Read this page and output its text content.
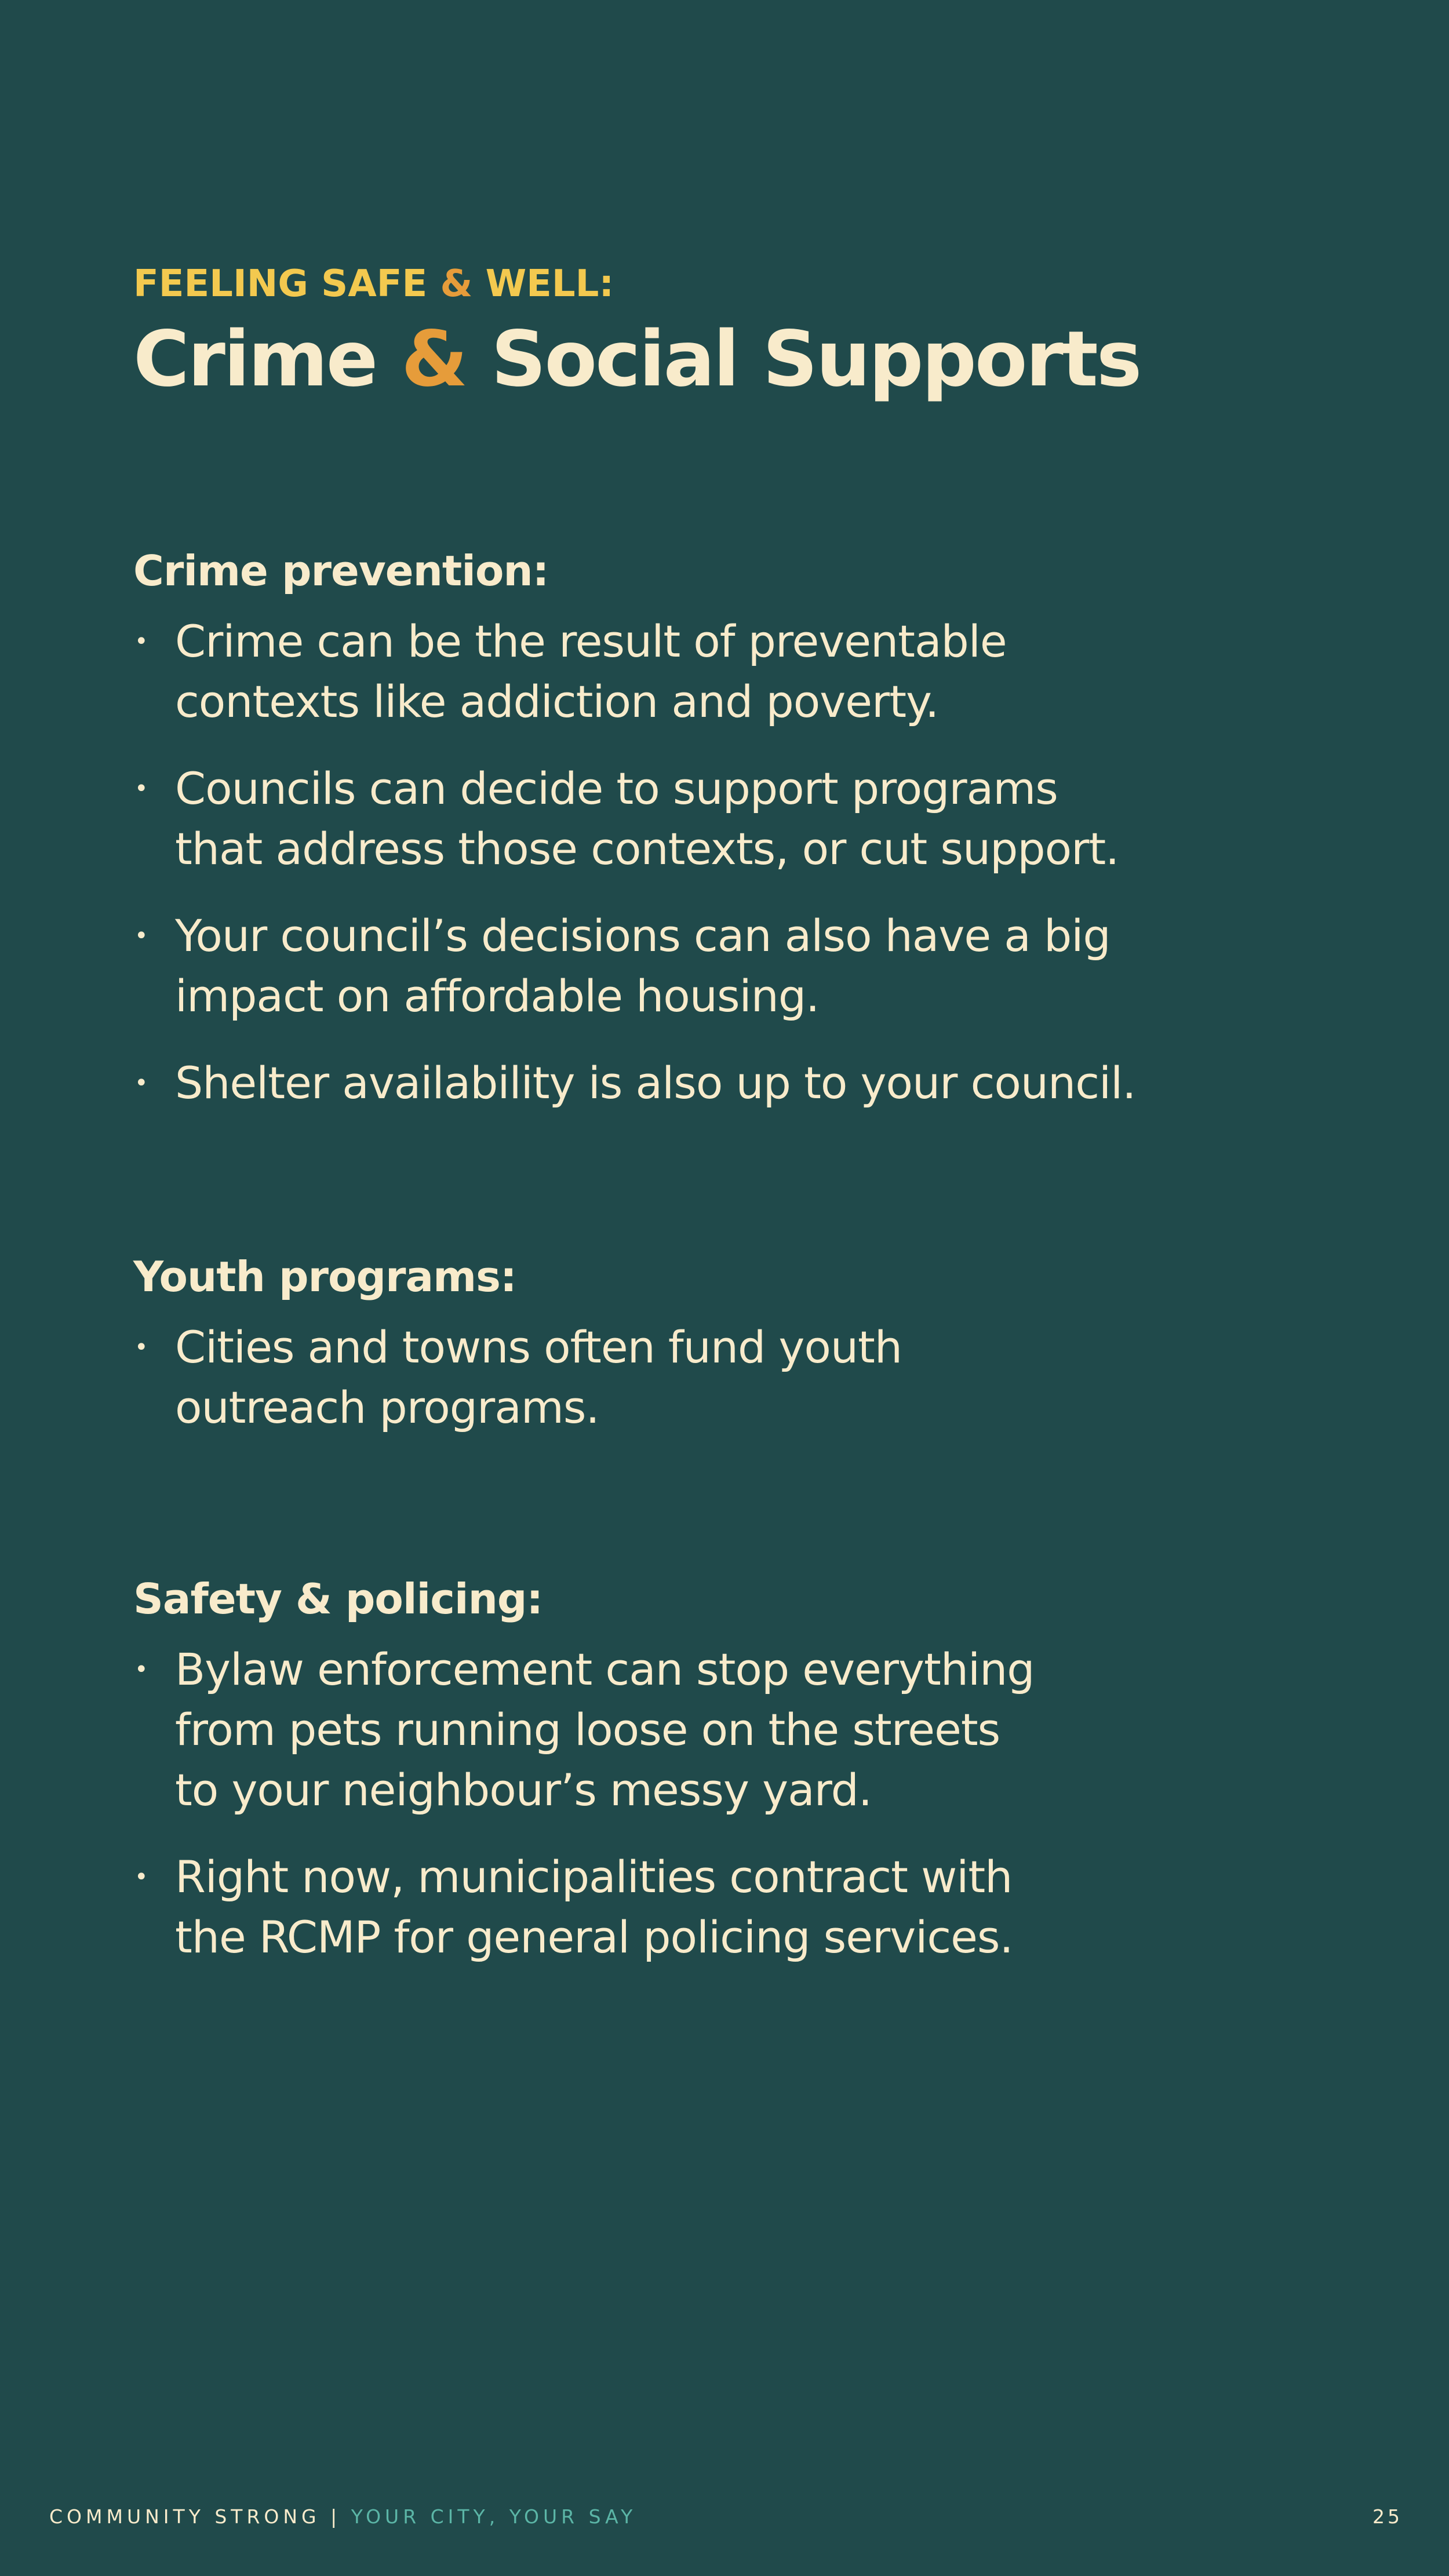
FEELING SAFE & WELL:
Crime & Social Supports
Crime prevention:
• Crime can be the result of preventable
contexts like addiction and poverty.
• Councils can decide to support programs
that address those contexts, or cut support.
• Your council’s decisions can also have a big
impact on affordable housing.
• Shelter availability is also up to your council.
Youth programs:
• Cities and towns often fund youth
outreach programs.
Safety & policing:
• Bylaw enforcement can stop everything
from pets running loose on the streets
to your neighbour’s messy yard.
• Right now, municipalities contract with
the RCMP for general policing services.
COMMUNITY STRONG | YOUR CITY, YOUR SAY	25
